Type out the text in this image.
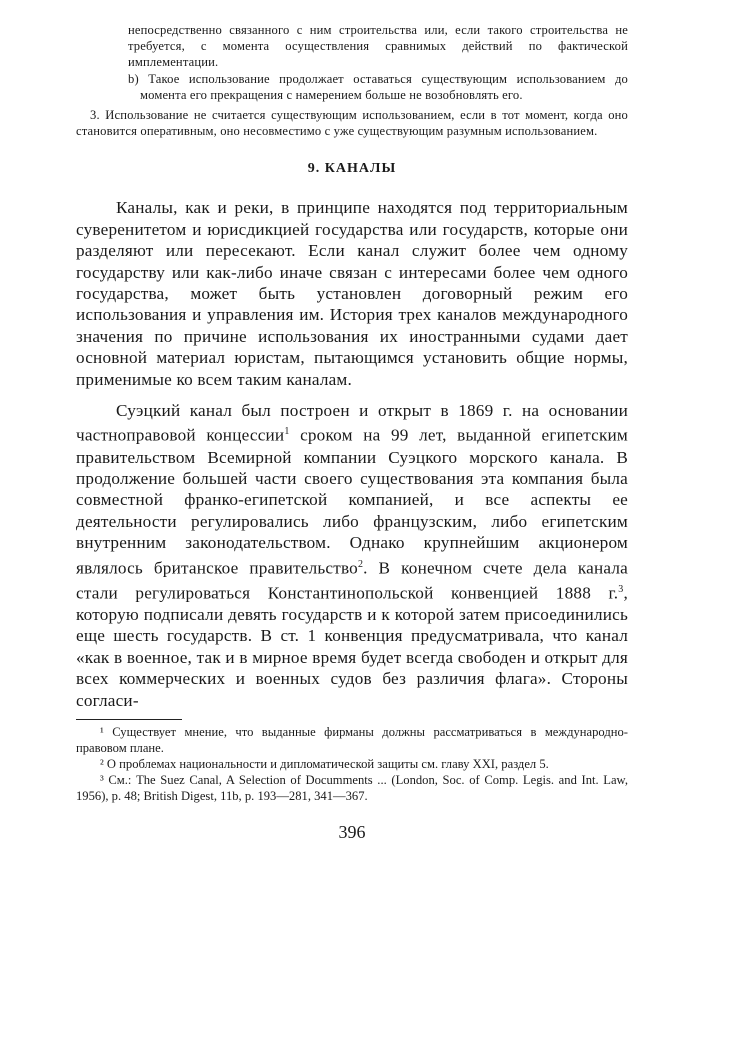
непосредственно связанного с ним строительства или, если такого строительства не требуется, с момента осуществления сравнимых действий по фактической имплементации.

b) Такое использование продолжает оставаться существующим использованием до момента его прекращения с намерением больше не возобновлять его.

3. Использование не считается существующим использованием, если в тот момент, когда оно становится оперативным, оно несовместимо с уже существующим разумным использованием.

9. КАНАЛЫ

Каналы, как и реки, в принципе находятся под территориальным суверенитетом и юрисдикцией государства или государств, которые они разделяют или пересекают. Если канал служит более чем одному государству или как-либо иначе связан с интересами более чем одного государства, может быть установлен договорный режим его использования и управления им. История трех каналов международного значения по причине использования их иностранными судами дает основной материал юристам, пытающимся установить общие нормы, применимые ко всем таким каналам.

Суэцкий канал был построен и открыт в 1869 г. на основании частноправовой концессии$^1$ сроком на 99 лет, выданной египетским правительством Всемирной компании Суэцкого морского канала. В продолжение большей части своего существования эта компания была совместной франко-египетской компанией, и все аспекты ее деятельности регулировались либо французским, либо египетским внутренним законодательством. Однако крупнейшим акционером являлось британское правительство$^2$. В конечном счете дела канала стали регулироваться Константинопольской конвенцией 1888 г.$^3$, которую подписали девять государств и к которой затем присоединились еще шесть государств. В ст. 1 конвенция предусматривала, что канал «как в военное, так и в мирное время будет всегда свободен и открыт для всех коммерческих и военных судов без различия флага». Стороны согласи-

¹ Существует мнение, что выданные фирманы должны рассматриваться в международно-правовом плане.

² О проблемах национальности и дипломатической защиты см. главу XXI, раздел 5.

³ См.: The Suez Canal, A Selection of Documments ... (London, Soc. of Comp. Legis. and Int. Law, 1956), p. 48; British Digest, 11b, p. 193—281, 341—367.

396
